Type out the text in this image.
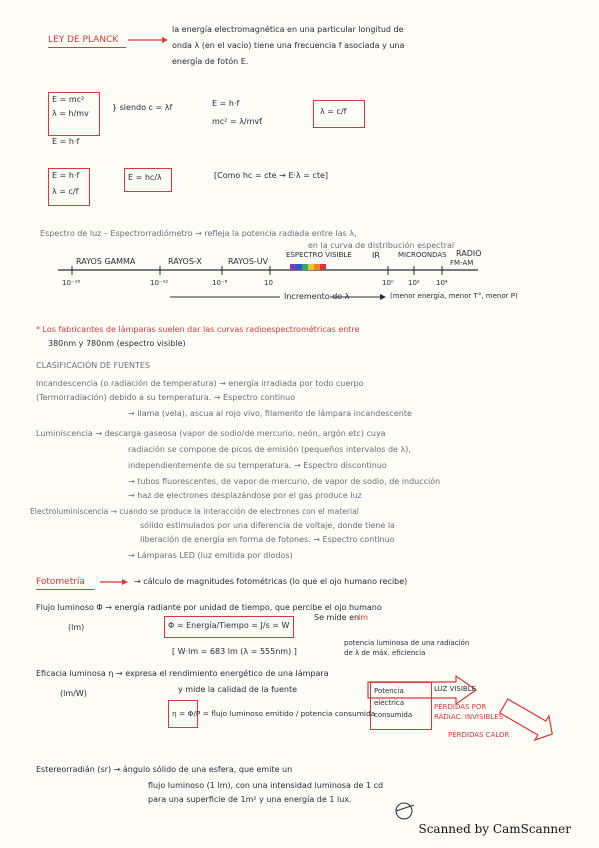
LEY DE PLANCK
la energía electromagnética en una particular longitud de
onda λ (en el vacío) tiene una frecuencia f asociada y una
energía de fotón E.
E = mc²
λ = h/mv
E = h·f
} siendo c = λf	E = h·f
mc² = λ/mvf
λ = c/f
E = h·f
λ = c/f
E = hc/λ	[Como hc = cte → E·λ = cte]
Espectro de luz – Espectrorradiómetro → refleja la potencia radiada entre las λ,
en la curva de distribución espectral
RAYOS GAMMA	RAYOS-X	RAYOS-UV
ESPECTRO VISIBLE	IR	MICROONDAS RADIO
FM-AM
10⁻¹⁶	10⁻¹²	10⁻⁸	10	10⁰ 10² 10⁴
Incremento de λ	(menor energía, menor T°, menor P)
* Los fabricantes de lámparas suelen dar las curvas radioespectrométricas entre
380nm y 780nm (espectro visible)
CLASIFICACIÓN DE FUENTES
Incandescencia (o radiación de temperatura) → energía irradiada por todo cuerpo
(Termorradiación) debido a su temperatura. → Espectro continuo
→ llama (vela), ascua al rojo vivo, filamento de lámpara incandescente
Luminiscencia → descarga gaseosa (vapor de sodio/de mercurio, neón, argón etc) cuya
radiación se compone de picos de emisión (pequeños intervalos de λ),
independientemente de su temperatura. → Espectro discontinuo
→ tubos fluorescentes, de vapor de mercurio, de vapor de sodio, de inducción
→ haz de electrones desplazándose por el gas produce luz
Electroluminiscencia → cuando se produce la interacción de electrones con el material
sólido estimulados por una diferencia de voltaje, donde tiene la
liberación de energía en forma de fotones. → Espectro continuo
→ Lámparas LED (luz emitida por diodos)
Fotometría	→ cálculo de magnitudes fotométricas (lo que el ojo humano recibe)
Flujo luminoso Φ → energía radiante por unidad de tiempo, que percibe el ojo humano
(lm)	Φ = Energía/Tiempo = J/s = W
Se mide en
lm
[ W·lm = 683 lm (λ = 555nm) ]
potencia luminosa de una radiación
de λ de máx. eficiencia
Eficacia luminosa η → expresa el rendimiento energético de una lámpara
(lm/W)	y mide la calidad de la fuente
η = Φ/P = flujo luminoso emitido / potencia consumida
Potencia
eléctrica
consumida
LUZ VISIBLE
PÉRDIDAS POR
RADIAC. INVISIBLES
PÉRDIDAS CALOR
Estereorradián (sr) → ángulo sólido de una esfera, que emite un
flujo luminoso (1 lm), con una intensidad luminosa de 1 cd
para una superficie de 1m² y una energía de 1 lux.
Scanned by CamScanner
